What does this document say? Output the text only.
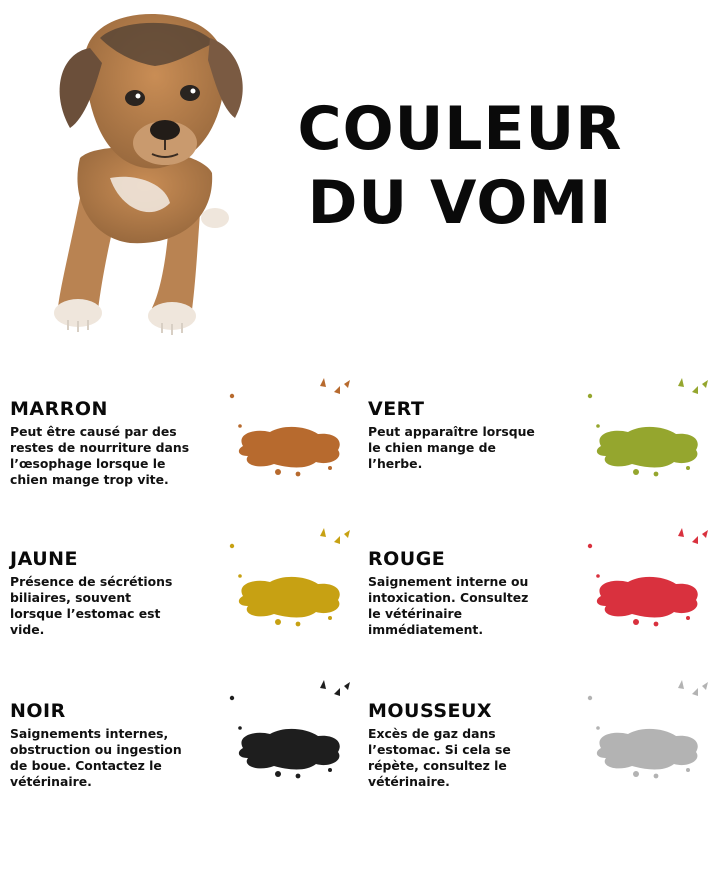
COULEUR
DU VOMI
MARRON
Peut être causé par des
restes de nourriture dans
l’œsophage lorsque le
chien mange trop vite.
VERT
Peut apparaître lorsque
le chien mange de
l’herbe.
JAUNE
Présence de sécrétions
biliaires, souvent
lorsque l’estomac est
vide.
ROUGE
Saignement interne ou
intoxication. Consultez
le vétérinaire
immédiatement.
NOIR
Saignements internes,
obstruction ou ingestion
de boue. Contactez le
vétérinaire.
MOUSSEUX
Excès de gaz dans
l’estomac. Si cela se
répète, consultez le
vétérinaire.
